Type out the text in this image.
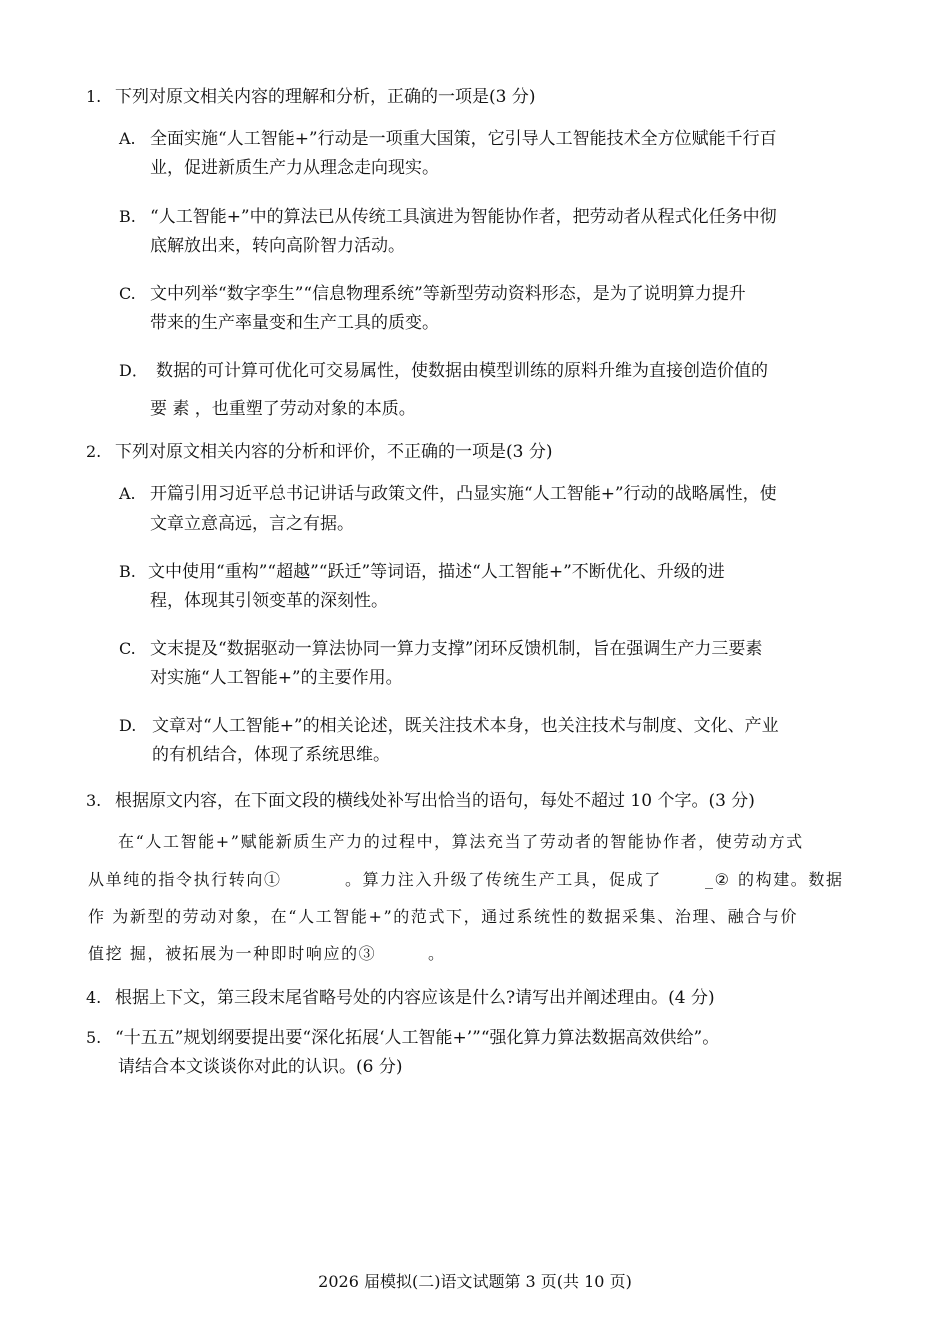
1. 下列对原文相关内容的理解和分析，正确的一项是(3 分)
A. 全面实施“人工智能+”行动是一项重大国策，它引导人工智能技术全方位赋能千行百
业，促进新质生产力从理念走向现实。
B. “人工智能+”中的算法已从传统工具演进为智能协作者，把劳动者从程式化任务中彻
底解放出来，转向高阶智力活动。
C. 文中列举“数字孪生”“信息物理系统”等新型劳动资料形态，是为了说明算力提升
带来的生产率量变和生产工具的质变。
D． 数据的可计算可优化可交易属性，使数据由模型训练的原料升维为直接创造价值的
要 素 ，也重塑了劳动对象的本质。
2. 下列对原文相关内容的分析和评价，不正确的一项是(3 分)
A. 开篇引用习近平总书记讲话与政策文件，凸显实施“人工智能+”行动的战略属性，使
文章立意高远，言之有据。
B. 文中使用“重构”“超越”“跃迁”等词语，描述“人工智能+”不断优化、升级的进
程，体现其引领变革的深刻性。
C. 文末提及“数据驱动一算法协同一算力支撑”闭环反馈机制，旨在强调生产力三要素
对实施“人工智能+”的主要作用。
D. 文章对“人工智能+”的相关论述，既关注技术本身，也关注技术与制度、文化、产业
的有机结合，体现了系统思维。
3. 根据原文内容，在下面文段的横线处补写出恰当的语句，每处不超过 10 个字。(3 分)
在“人工智能+”赋能新质生产力的过程中，算法充当了劳动者的智能协作者，使劳动方式
从单纯的指令执行转向①	。算力注入升级了传统生产工具，促成了	_② 的构建。数据
作 为新型的劳动对象，在“人工智能+”的范式下，通过系统性的数据采集、治理、融合与价
值挖 掘，被拓展为一种即时响应的③	。
4. 根据上下文，第三段末尾省略号处的内容应该是什么?请写出并阐述理由。(4 分)
5. “十五五”规划纲要提出要“深化拓展‘人工智能+’”“强化算力算法数据高效供给”。
请结合本文谈谈你对此的认识。(6 分)
2026 届模拟(二)语文试题第 3 页(共 10 页)
